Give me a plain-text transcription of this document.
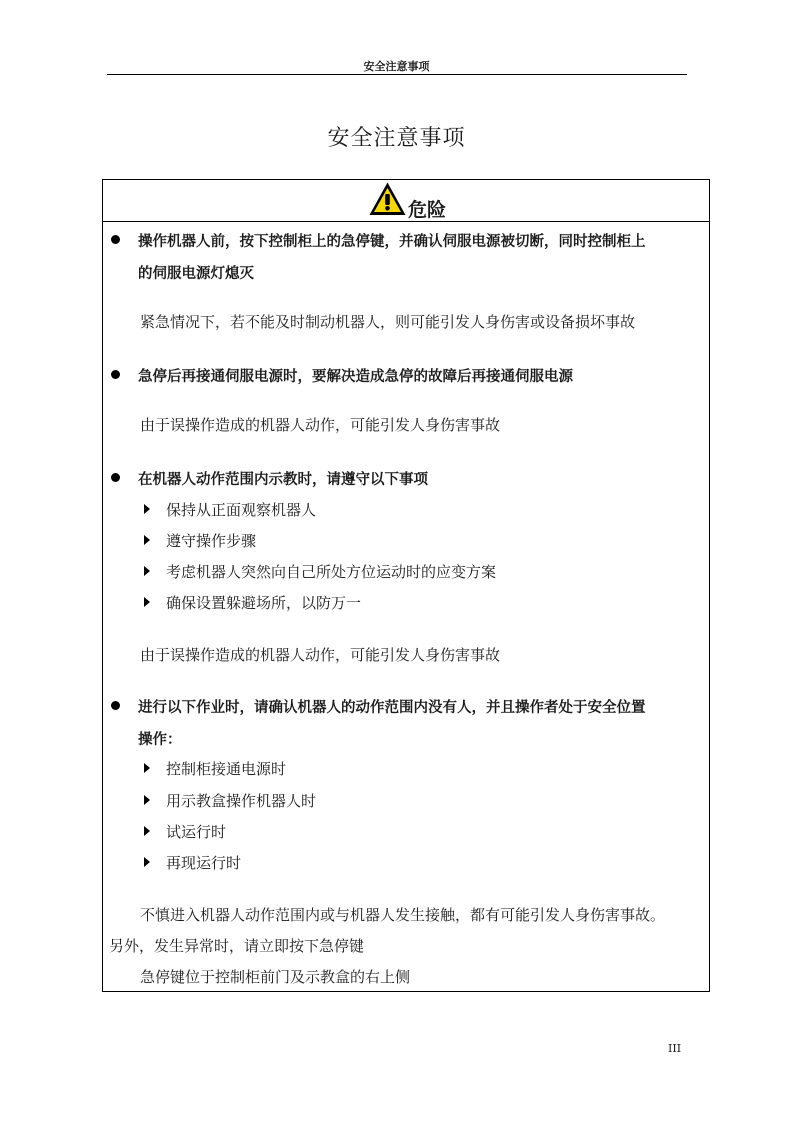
安全注意事项
安全注意事项
危险
操作机器人前，按下控制柜上的急停键，并确认伺服电源被切断，同时控制柜上
的伺服电源灯熄灭
紧急情况下，若不能及时制动机器人，则可能引发人身伤害或设备损坏事故
急停后再接通伺服电源时，要解决造成急停的故障后再接通伺服电源
由于误操作造成的机器人动作，可能引发人身伤害事故
在机器人动作范围内示教时，请遵守以下事项
保持从正面观察机器人
遵守操作步骤
考虑机器人突然向自己所处方位运动时的应变方案
确保设置躲避场所，以防万一
由于误操作造成的机器人动作，可能引发人身伤害事故
进行以下作业时，请确认机器人的动作范围内没有人，并且操作者处于安全位置
操作：
控制柜接通电源时
用示教盒操作机器人时
试运行时
再现运行时
不慎进入机器人动作范围内或与机器人发生接触，都有可能引发人身伤害事故。
另外，发生异常时，请立即按下急停键
急停键位于控制柜前门及示教盒的右上侧
III
